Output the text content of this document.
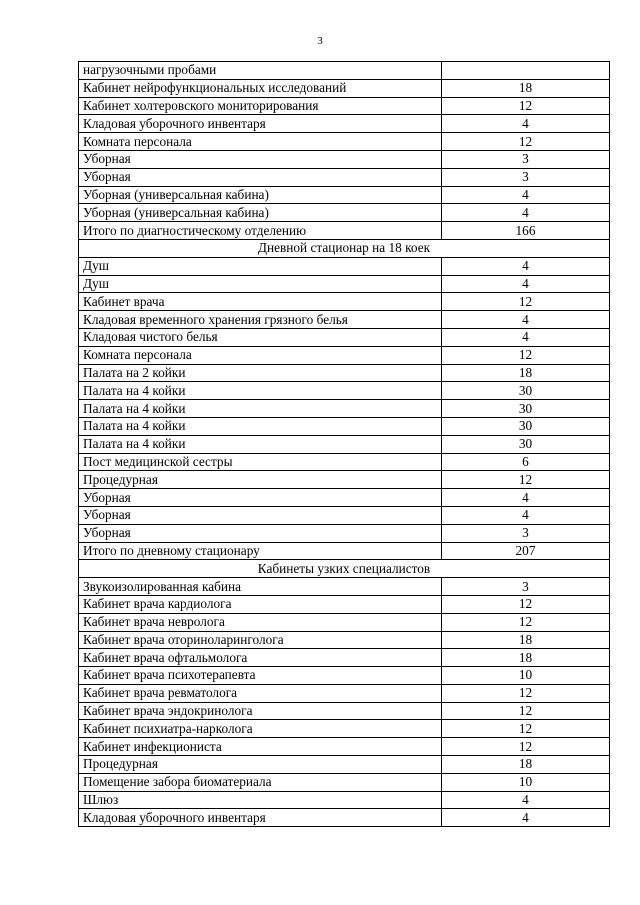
3
нагрузочными пробами	
Кабинет нейрофункциональных исследований	18
Кабинет холтеровского мониторирования	12
Кладовая уборочного инвентаря	4
Комната персонала	12
Уборная	3
Уборная	3
Уборная (универсальная кабина)	4
Уборная (универсальная кабина)	4
Итого по диагностическому отделению	166
Дневной стационар на 18 коек	
Душ	4
Душ	4
Кабинет врача	12
Кладовая временного хранения грязного белья	4
Кладовая чистого белья	4
Комната персонала	12
Палата на 2 койки	18
Палата на 4 койки	30
Палата на 4 койки	30
Палата на 4 койки	30
Палата на 4 койки	30
Пост медицинской сестры	6
Процедурная	12
Уборная	4
Уборная	4
Уборная	3
Итого по дневному стационару	207
Кабинеты узких специалистов	
Звукоизолированная кабина	3
Кабинет врача кардиолога	12
Кабинет врача невролога	12
Кабинет врача оториноларинголога	18
Кабинет врача офтальмолога	18
Кабинет врача психотерапевта	10
Кабинет врача ревматолога	12
Кабинет врача эндокринолога	12
Кабинет психиатра-нарколога	12
Кабинет инфекциониста	12
Процедурная	18
Помещение забора биоматериала	10
Шлюз	4
Кладовая уборочного инвентаря	4
